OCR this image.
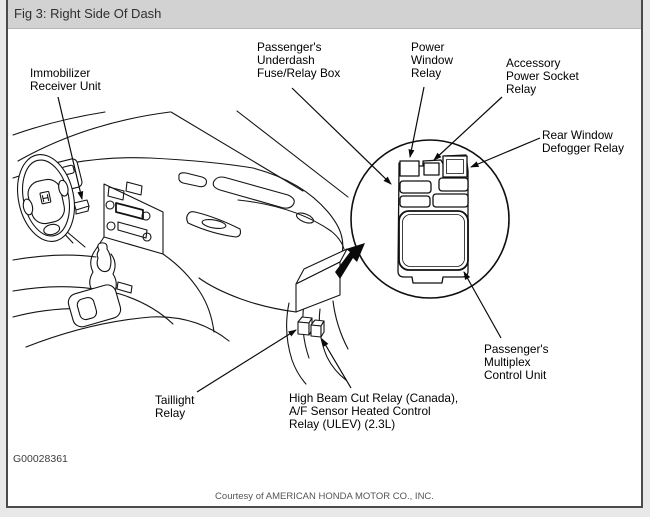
Fig 3: Right Side Of Dash
Immobilizer
Receiver Unit
Passenger's
Underdash
Fuse/Relay Box
Power
Window
Relay
Accessory
Power Socket
Relay
Rear Window
Defogger Relay
Passenger's
Multiplex
Control Unit
Taillight
Relay
High Beam Cut Relay (Canada),
A/F Sensor Heated Control
Relay (ULEV) (2.3L)
G00028361
Courtesy of AMERICAN HONDA MOTOR CO., INC.
